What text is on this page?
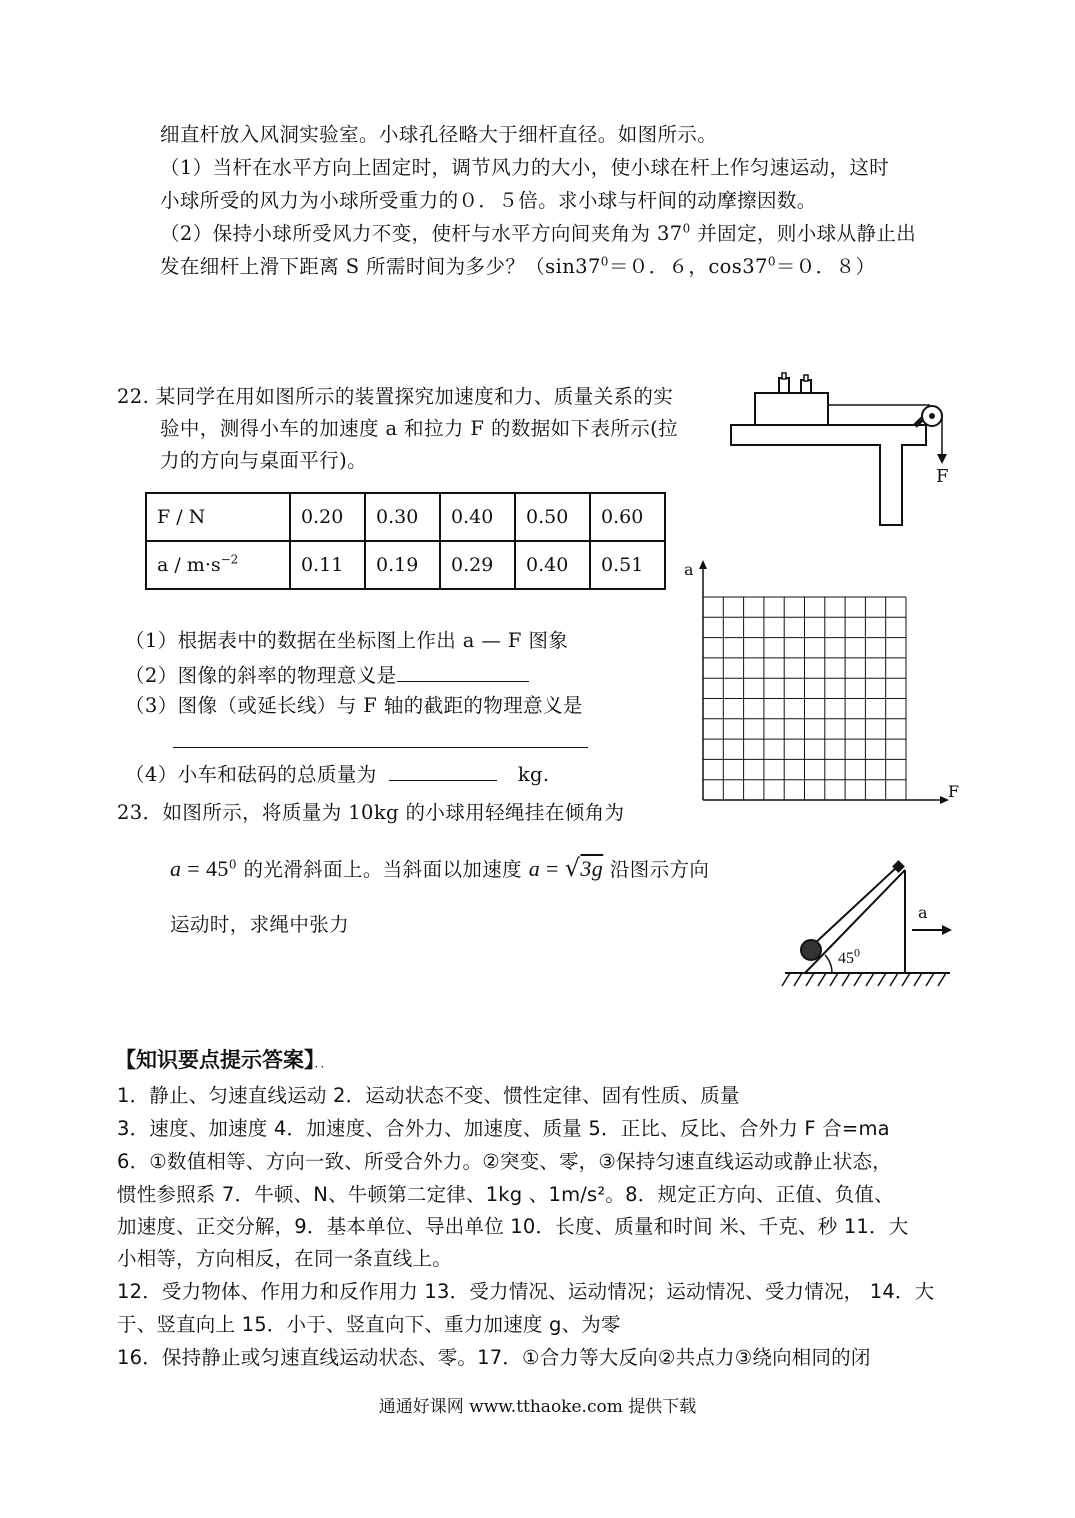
细直杆放入风洞实验室。小球孔径略大于细杆直径。如图所示。
（1）当杆在水平方向上固定时，调节风力的大小，使小球在杆上作匀速运动，这时
小球所受的风力为小球所受重力的０．５倍。求小球与杆间的动摩擦因数。
（2）保持小球所受风力不变，使杆与水平方向间夹角为 $37^0$ 并固定，则小球从静止出
发在细杆上滑下距离 S 所需时间为多少？（$\sin 37^0=0$．６，$\cos 37^0=0$．８）
22. 某同学在用如图所示的装置探究加速度和力、质量关系的实
验中，测得小车的加速度 a 和拉力 F 的数据如下表所示(拉
力的方向与桌面平行)。
F
F / N	0.20	0.30	0.40	0.50	0.60
$a / m\cdot s^{-2}$	0.11	0.19	0.29	0.40	0.51
（1）根据表中的数据在坐标图上作出 a — F 图象
（2）图像的斜率的物理意义是
（3）图像（或延长线）与 F 轴的截距的物理意义是
（4）小车和砝码的总质量为	kg.
a
F
23．如图所示，将质量为 10kg 的小球用轻绳挂在倾角为
$a = 45^0$ 的光滑斜面上。当斜面以加速度 a = √3g 沿图示方向
运动时，求绳中张力
a
$45^0$
【知识要点提示答案】．．
1．静止、匀速直线运动 2．运动状态不变、惯性定律、固有性质、质量
3．速度、加速度 4．加速度、合外力、加速度、质量 5．正比、反比、合外力 F 合=ma
6．①数值相等、方向一致、所受合外力。②突变、零，③保持匀速直线运动或静止状态，
惯性参照系 7．牛顿、N、牛顿第二定律、1kg 、1m/s²。8．规定正方向、正值、负值、
加速度、正交分解，9．基本单位、导出单位 10．长度、质量和时间 米、千克、秒 11．大
小相等，方向相反，在同一条直线上。
12．受力物体、作用力和反作用力 13．受力情况、运动情况；运动情况、受力情况， 14．大
于、竖直向上 15．小于、竖直向下、重力加速度 g、为零
16．保持静止或匀速直线运动状态、零。17．①合力等大反向②共点力③绕向相同的闭
通通好课网 www.tthaoke.com 提供下载
